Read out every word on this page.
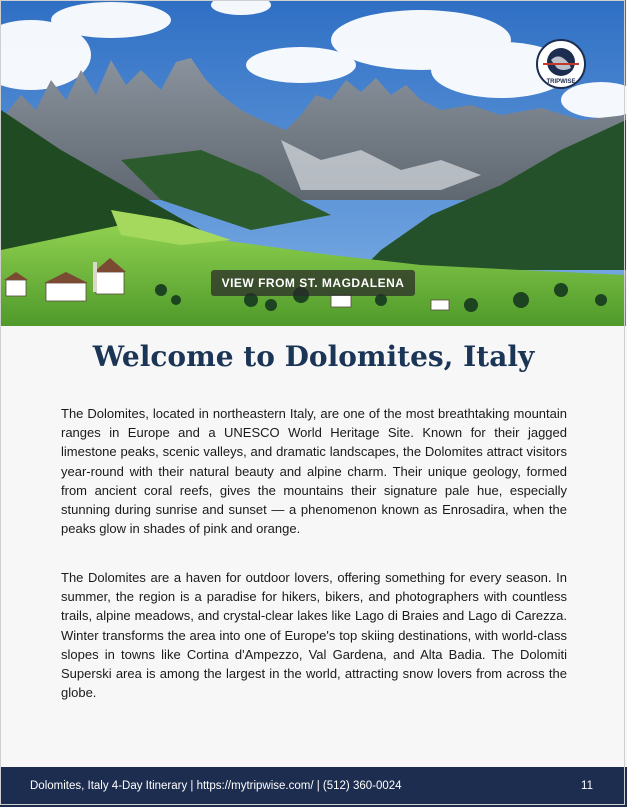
TRIPWISE
VIEW FROM ST. MAGDALENA
Welcome to Dolomites, Italy

The Dolomites, located in northeastern Italy, are one of the most breathtaking mountain ranges in Europe and a UNESCO World Heritage Site. Known for their jagged limestone peaks, scenic valleys, and dramatic landscapes, the Dolomites attract visitors year-round with their natural beauty and alpine charm. Their unique geology, formed from ancient coral reefs, gives the mountains their signature pale hue, especially stunning during sunrise and sunset — a phenomenon known as Enrosadira, when the peaks glow in shades of pink and orange.

The Dolomites are a haven for outdoor lovers, offering something for every season. In summer, the region is a paradise for hikers, bikers, and photographers with countless trails, alpine meadows, and crystal-clear lakes like Lago di Braies and Lago di Carezza. Winter transforms the area into one of Europe's top skiing destinations, with world-class slopes in towns like Cortina d'Ampezzo, Val Gardena, and Alta Badia. The Dolomiti Superski area is among the largest in the world, attracting snow lovers from across the globe.

Dolomites, Italy 4-Day Itinerary | https://mytripwise.com/ | (512) 360-0024	11
